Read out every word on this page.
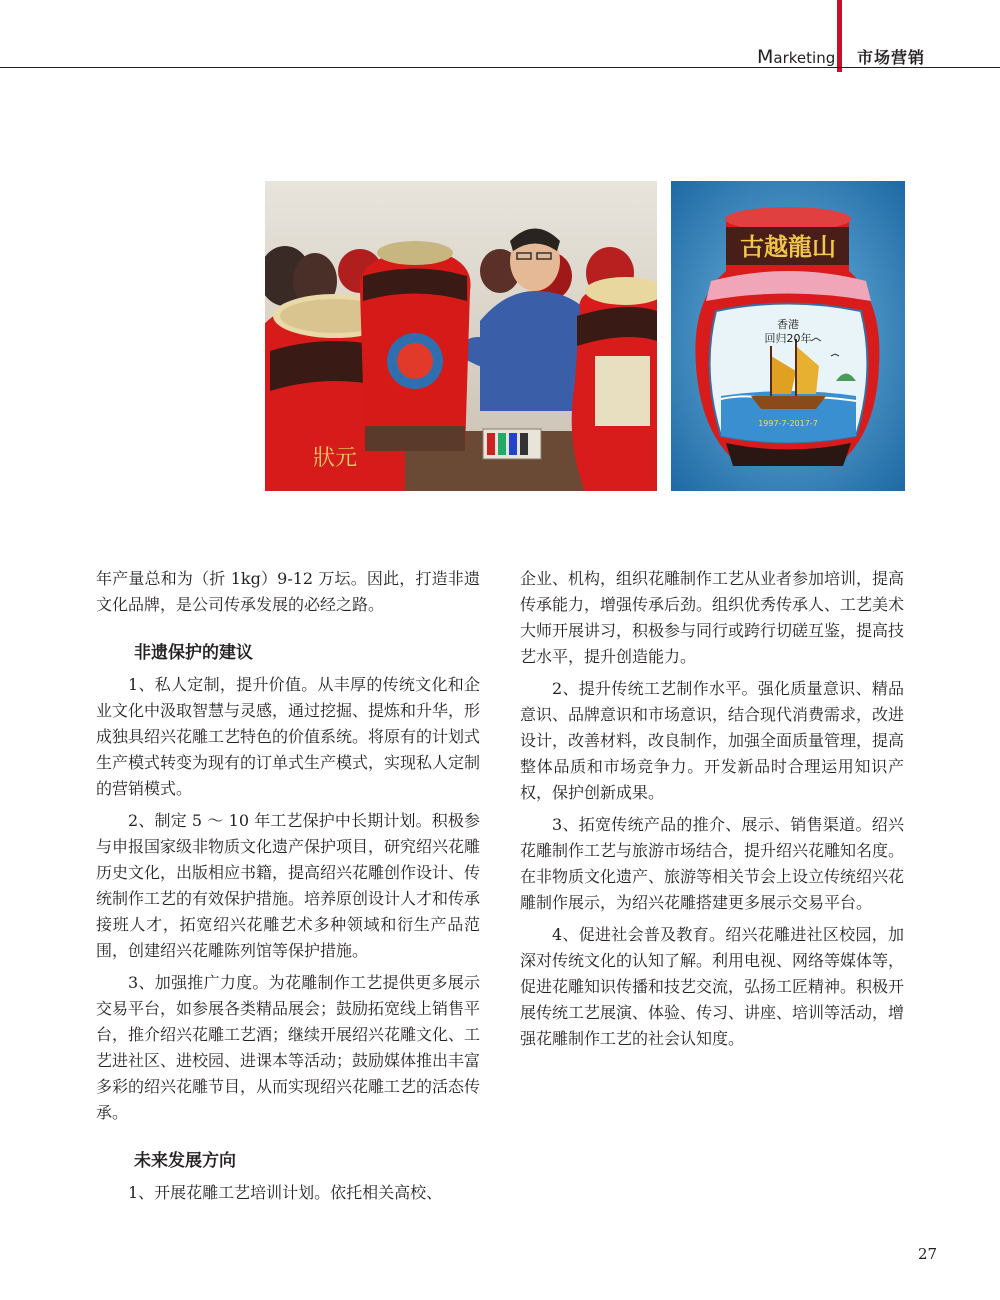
Marketing 市场营销
狀元
古越龍山
香港
回归20年
1997-7-2017-7

年产量总和为（折 1kg）9-12 万坛。因此，打造非遗文化品牌，是公司传承发展的必经之路。

非遗保护的建议

1、私人定制，提升价值。从丰厚的传统文化和企业文化中汲取智慧与灵感，通过挖掘、提炼和升华，形成独具绍兴花雕工艺特色的价值系统。将原有的计划式生产模式转变为现有的订单式生产模式，实现私人定制的营销模式。

2、制定 5 ～ 10 年工艺保护中长期计划。积极参与申报国家级非物质文化遗产保护项目，研究绍兴花雕历史文化，出版相应书籍，提高绍兴花雕创作设计、传统制作工艺的有效保护措施。培养原创设计人才和传承接班人才，拓宽绍兴花雕艺术多种领域和衍生产品范围，创建绍兴花雕陈列馆等保护措施。

3、加强推广力度。为花雕制作工艺提供更多展示交易平台，如参展各类精品展会；鼓励拓宽线上销售平台，推介绍兴花雕工艺酒；继续开展绍兴花雕文化、工艺进社区、进校园、进课本等活动；鼓励媒体推出丰富多彩的绍兴花雕节目，从而实现绍兴花雕工艺的活态传承。

未来发展方向

1、开展花雕工艺培训计划。依托相关高校、

企业、机构，组织花雕制作工艺从业者参加培训，提高传承能力，增强传承后劲。组织优秀传承人、工艺美术大师开展讲习，积极参与同行或跨行切磋互鉴，提高技艺水平，提升创造能力。

2、提升传统工艺制作水平。强化质量意识、精品意识、品牌意识和市场意识，结合现代消费需求，改进设计，改善材料，改良制作，加强全面质量管理，提高整体品质和市场竞争力。开发新品时合理运用知识产权，保护创新成果。

3、拓宽传统产品的推介、展示、销售渠道。绍兴花雕制作工艺与旅游市场结合，提升绍兴花雕知名度。在非物质文化遗产、旅游等相关节会上设立传统绍兴花雕制作展示，为绍兴花雕搭建更多展示交易平台。

4、促进社会普及教育。绍兴花雕进社区校园，加深对传统文化的认知了解。利用电视、网络等媒体等，促进花雕知识传播和技艺交流，弘扬工匠精神。积极开展传统工艺展演、体验、传习、讲座、培训等活动，增强花雕制作工艺的社会认知度。

27
